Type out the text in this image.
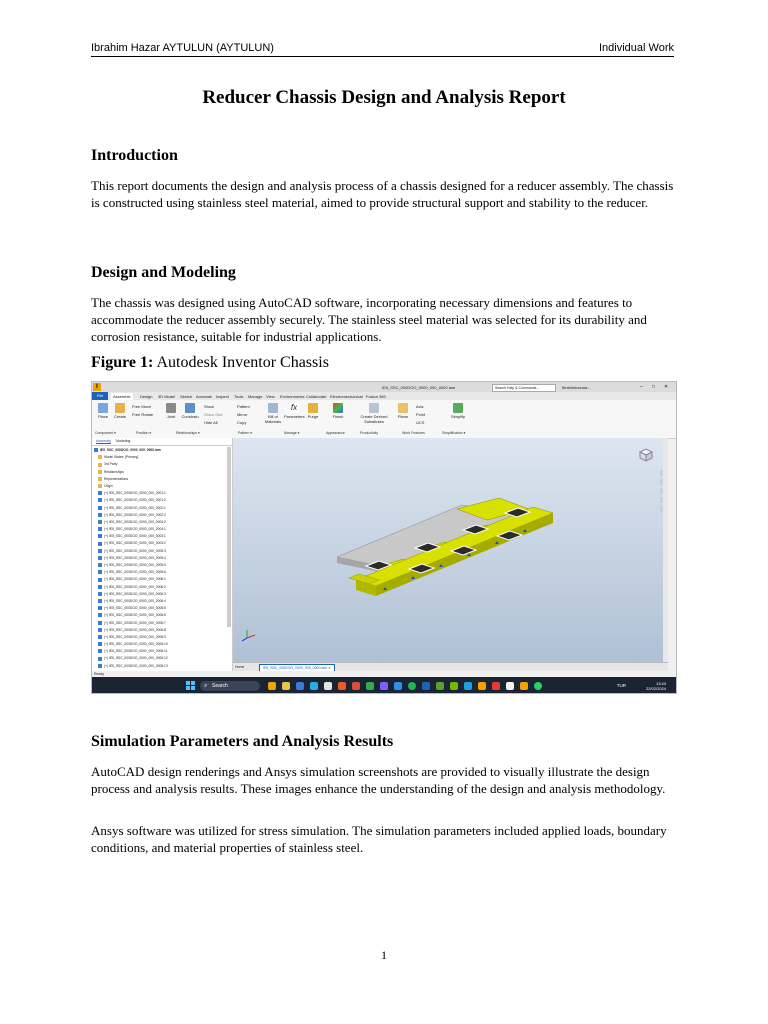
Ibrahim Hazar AYTULUN (AYTULUN)	Individual Work
Reducer Chassis Design and Analysis Report
Introduction
This report documents the design and analysis process of a chassis designed for a reducer assembly. The chassis is constructed using stainless steel material, aimed to provide structural support and stability to the reducer.
Design and Modeling
The chassis was designed using AutoCAD software, incorporating necessary dimensions and features to accommodate the reducer assembly securely. The stainless steel material was selected for its durability and corrosion resistance, suitable for industrial applications.
Figure 1: Autodesk Inventor Chassis
I	IE5_SSC_000DOO_0000_000_0000.iam	Search Help & Commands...	ibrahimhazara...	– □ ✕
File	Assemble	Design 3D Model Sketch Annotate Inspect Tools Manage View Environments Collaborate Electromechanical Fusion 360
Place	Create
Free Move
Free Rotate	Joint	Constrain
Show
Show Sick
Hide All
Pattern
Mirror
Copy
Bill of Materials
fx
Parameters Purge	Finish	Create Derived Substitutes
Plane
Axis
Point
UCS
Simplify
Component ▾	Position ▾	Relationships ▾	Pattern ▾	Manage ▾	Appearance	Productivity	Work Features	Simplification ▾
Assembly Modeling
IE5_SSC_000DOO_0000_000_0000.iam
Model States: [Primary]
3rd Party
Relationships
Representations
Origin
(+) IE5_SSC_000DOO_0000_000_0001:1
(+) IE5_SSC_000DOO_0000_000_0001:2
(+) IE5_SSC_000DOO_0000_000_0002:1
(+) IE5_SSC_000DOO_0000_000_0002:2
(+) IE5_SSC_000DOO_0000_000_0004:2
(+) IE5_SSC_000DOO_0000_000_0004:1
(+) IE5_SSC_000DOO_0000_000_0003:1
(+) IE5_SSC_000DOO_0000_000_0003:2
(+) IE5_SSC_000DOO_0000_000_0005:3
(+) IE5_SSC_000DOO_0000_000_0005:4
(+) IE5_SSC_000DOO_0000_000_0005:5
(+) IE5_SSC_000DOO_0000_000_0005:6
(+) IE5_SSC_000DOO_0000_000_0006:1
(+) IE5_SSC_000DOO_0000_000_0006:2
(+) IE5_SSC_000DOO_0000_000_0006:3
(+) IE5_SSC_000DOO_0000_000_0006:4
(+) IE5_SSC_000DOO_0000_000_0006:5
(+) IE5_SSC_000DOO_0000_000_0006:6
(+) IE5_SSC_000DOO_0000_000_0006:7
(+) IE5_SSC_000DOO_0000_000_0006:8
(+) IE5_SSC_000DOO_0000_000_0006:9
(+) IE5_SSC_000DOO_0000_000_0006:10
(+) IE5_SSC_000DOO_0000_000_0006:11
(+) IE5_SSC_000DOO_0000_000_0006:12
(+) IE5_SSC_000DOO_0000_000_0006:13	Home	IE5_SSC_000DOO_0000_000_0000.iam ✕
Ready
⌕ Search	TUR	13:43
22/02/2024
Simulation Parameters and Analysis Results
AutoCAD design renderings and Ansys simulation screenshots are provided to visually illustrate the design process and analysis results. These images enhance the understanding of the design and analysis methodology.
Ansys software was utilized for stress simulation. The simulation parameters included applied loads, boundary conditions, and material properties of stainless steel.
1
